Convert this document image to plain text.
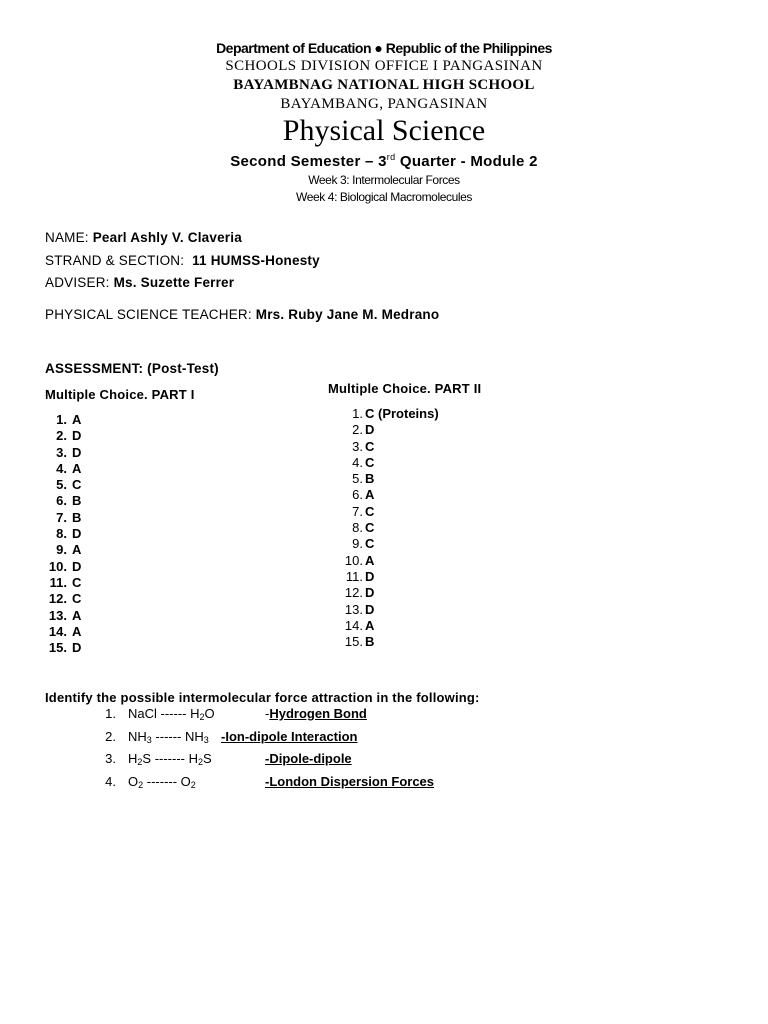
Department of Education ● Republic of the Philippines
SCHOOLS DIVISION OFFICE I PANGASINAN
BAYAMBNAG NATIONAL HIGH SCHOOL
BAYAMBANG, PANGASINAN
Physical Science
Second Semester – 3rd Quarter - Module 2
Week 3: Intermolecular Forces
Week 4: Biological Macromolecules
NAME: Pearl Ashly V. Claveria
STRAND & SECTION: 11 HUMSS-Honesty
ADVISER: Ms. Suzette Ferrer
PHYSICAL SCIENCE TEACHER: Mrs. Ruby Jane M. Medrano
ASSESSMENT: (Post-Test)
Multiple Choice. PART I	Multiple Choice. PART II
1. A
2. D
3. D
4. A
5. C
6. B
7. B
8. D
9. A
10. D
11. C
12. C
13. A
14. A
15. D
1. C (Proteins)
2. D
3. C
4. C
5. B
6. A
7. C
8. C
9. C
10. A
11. D
12. D
13. D
14. A
15. B
Identify the possible intermolecular force attraction in the following:
1. NaCl ------ $H_2O$	-Hydrogen Bond
2. $NH_3$ ------ $NH_3$ -Ion-dipole Interaction
3. $H_2S$ ------- $H_2S$	-Dipole-dipole
4. $O_2$ ------- $O_2$	-London Dispersion Forces
